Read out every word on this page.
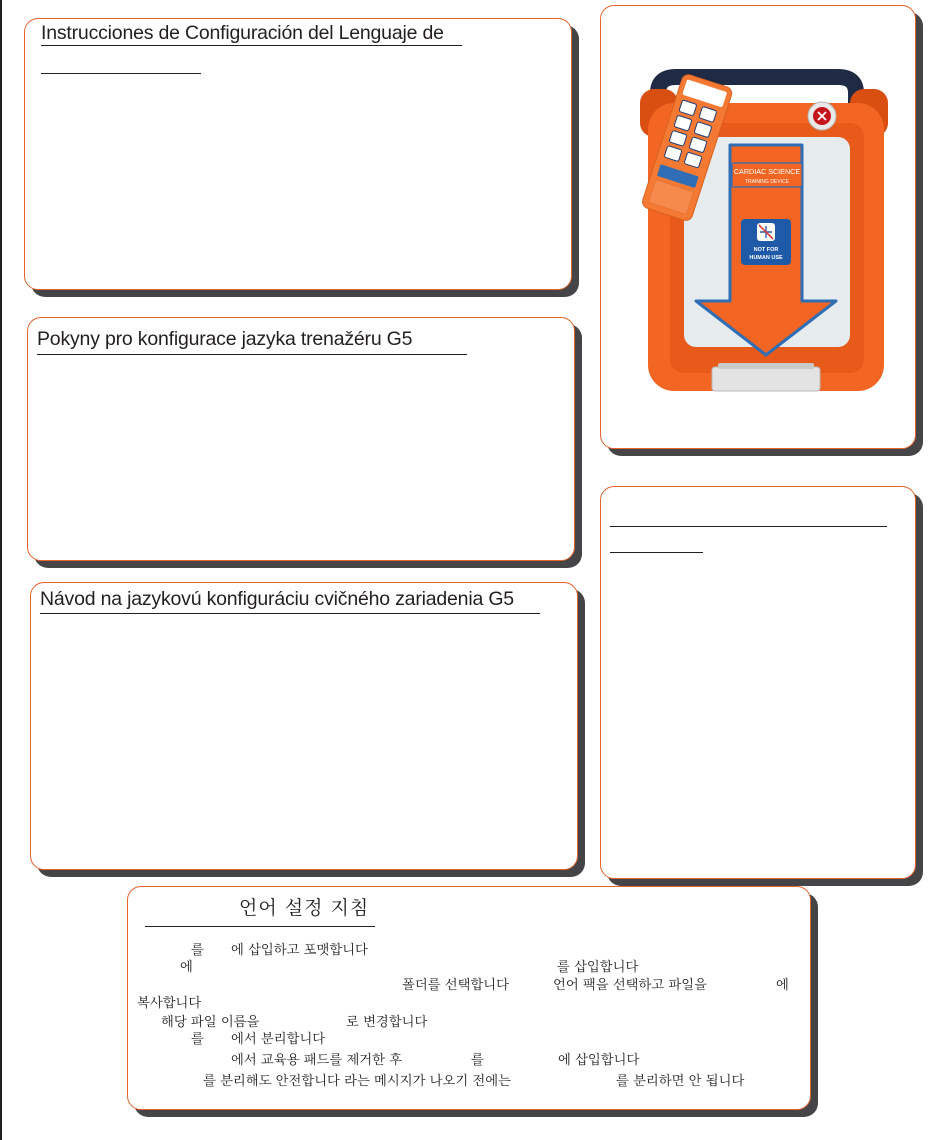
Instrucciones de Configuración del Lenguaje de
Pokyny pro konfigurace jazyka trenažéru G5
Návod na jazykovú konfiguráciu cvičného zariadenia G5
CARDIAC SCIENCE
TRAINING DEVICE
NOT FOR
HUMAN USE
언어 설정 지침
를 에 삽입하고 포맷합니다
에	를 삽입합니다
폴더를 선택합니다	언어 팩을 선택하고 파일을	에
복사합니다
해당 파일 이름을	로 변경합니다
를 에서 분리합니다
에서 교육용 패드를 제거한 후	를	에 삽입합니다
를 분리해도 안전합니다 라는 메시지가 나오기 전에는	를 분리하면 안 됩니다
